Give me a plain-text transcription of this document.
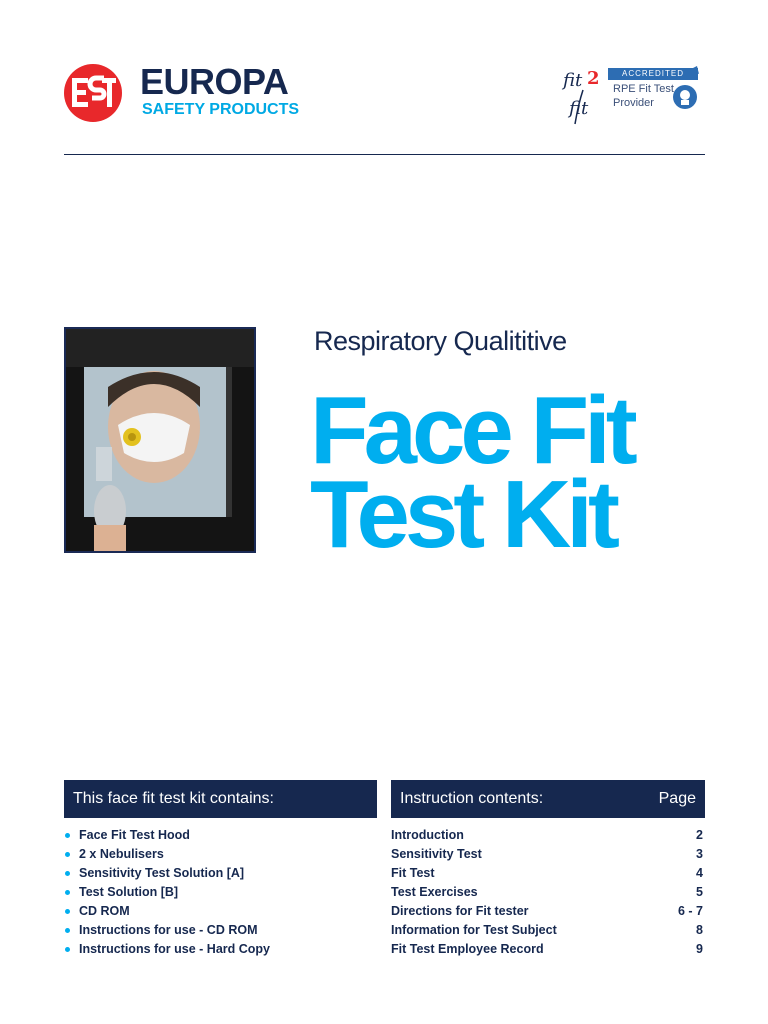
EUROPA
SAFETY PRODUCTS
fit 2
fit
ACCREDITED
RPE Fit Test
Provider
Respiratory Qualititive
Face Fit
Test Kit
This face fit test kit contains:	Instruction contents:	Page
Face Fit Test Hood
2 x Nebulisers
Sensitivity Test Solution [A]
Test Solution [B]
CD ROM
Instructions for use - CD ROM
Instructions for use - Hard Copy
Introduction	2
Sensitivity Test	3
Fit Test	4
Test Exercises	5
Directions for Fit tester	6 - 7
Information for Test Subject	8
Fit Test Employee Record	9
